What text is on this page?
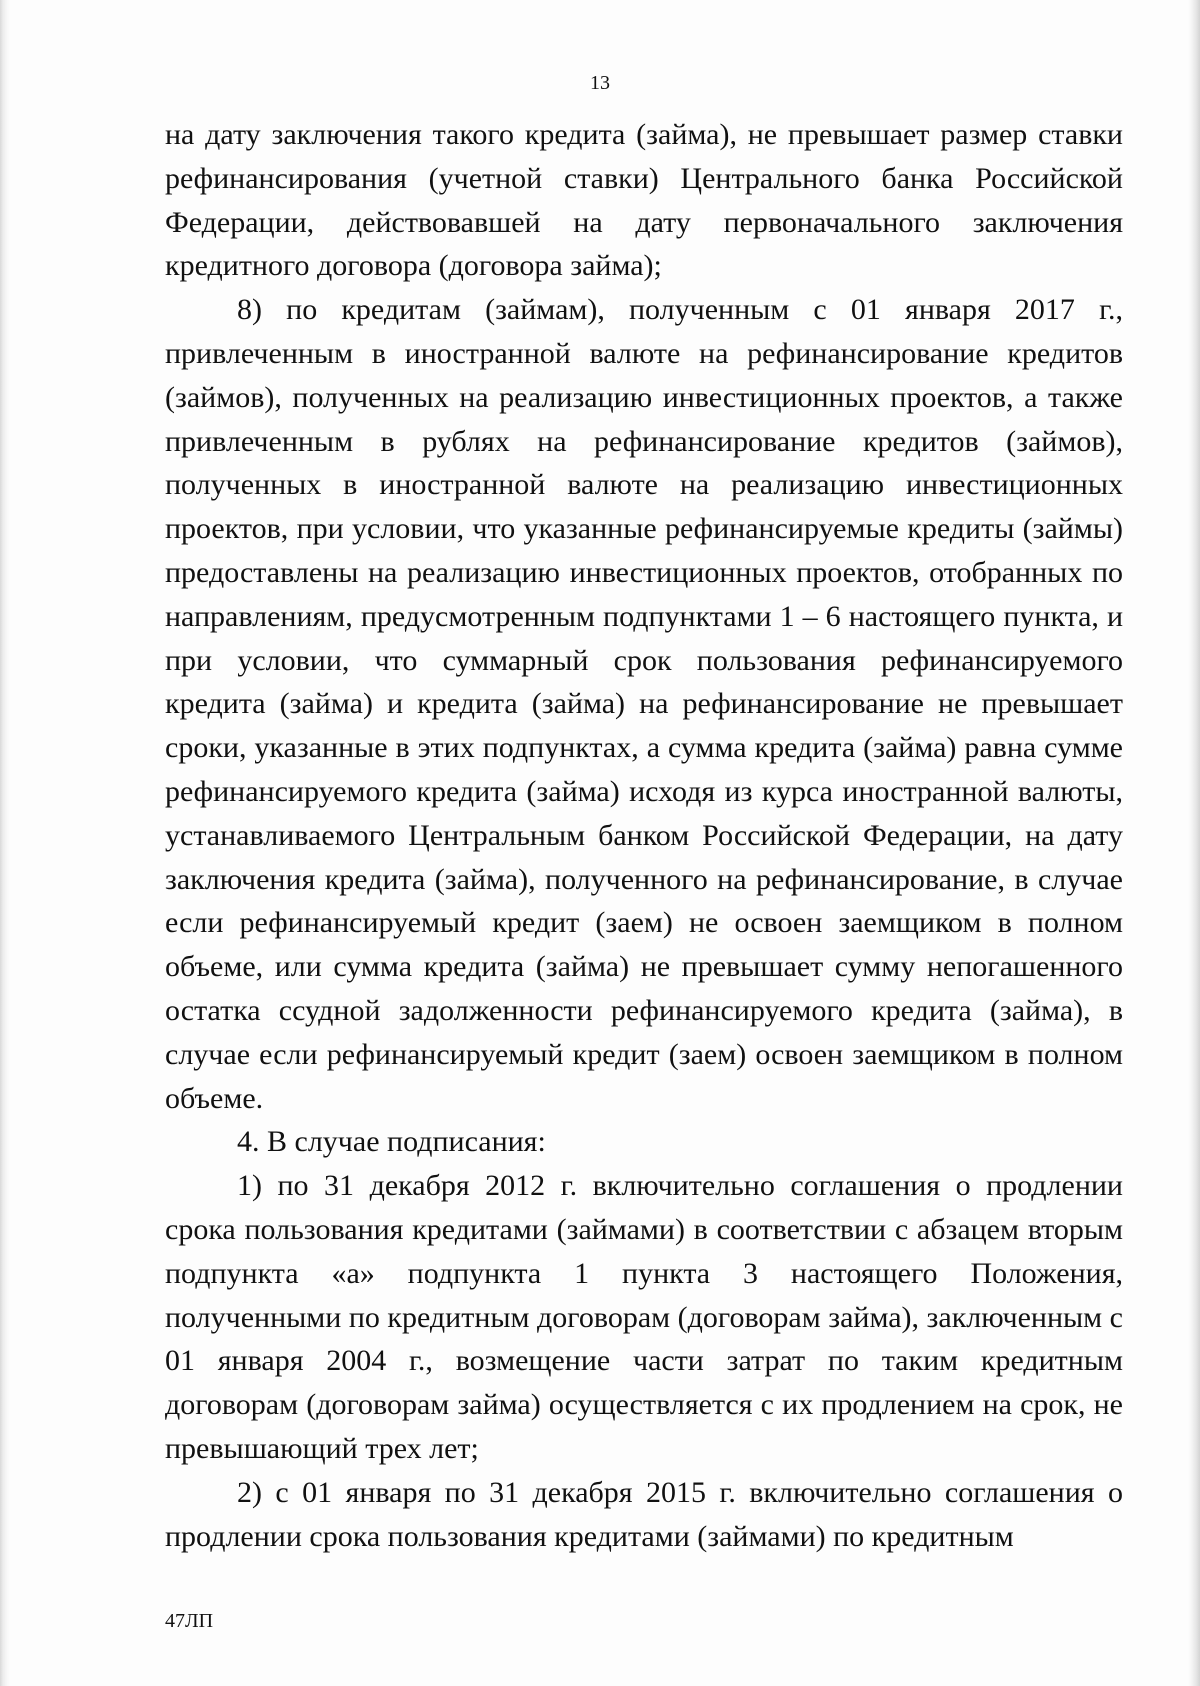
13

на дату заключения такого кредита (займа), не превышает размер ставки рефинансирования (учетной ставки) Центрального банка Российской Федерации, действовавшей на дату первоначального заключения кредитного договора (договора займа);

8) по кредитам (займам), полученным с 01 января 2017 г., привлеченным в иностранной валюте на рефинансирование кредитов (займов), полученных на реализацию инвестиционных проектов, а также привлеченным в рублях на рефинансирование кредитов (займов), полученных в иностранной валюте на реализацию инвестиционных проектов, при условии, что указанные рефинансируемые кредиты (займы) предоставлены на реализацию инвестиционных проектов, отобранных по направлениям, предусмотренным подпунктами 1 – 6 настоящего пункта, и при условии, что суммарный срок пользования рефинансируемого кредита (займа) и кредита (займа) на рефинансирование не превышает сроки, указанные в этих подпунктах, а сумма кредита (займа) равна сумме рефинансируемого кредита (займа) исходя из курса иностранной валюты, устанавливаемого Центральным банком Российской Федерации, на дату заключения кредита (займа), полученного на рефинансирование, в случае если рефинансируемый кредит (заем) не освоен заемщиком в полном объеме, или сумма кредита (займа) не превышает сумму непогашенного остатка ссудной задолженности рефинансируемого кредита (займа), в случае если рефинансируемый кредит (заем) освоен заемщиком в полном объеме.

4. В случае подписания:

1) по 31 декабря 2012 г. включительно соглашения о продлении срока пользования кредитами (займами) в соответствии с абзацем вторым подпункта «а» подпункта 1 пункта 3 настоящего Положения, полученными по кредитным договорам (договорам займа), заключенным с 01 января 2004 г., возмещение части затрат по таким кредитным договорам (договорам займа) осуществляется с их продлением на срок, не превышающий трех лет;

2) с 01 января по 31 декабря 2015 г. включительно соглашения о продлении срока пользования кредитами (займами) по кредитным

47ЛП
